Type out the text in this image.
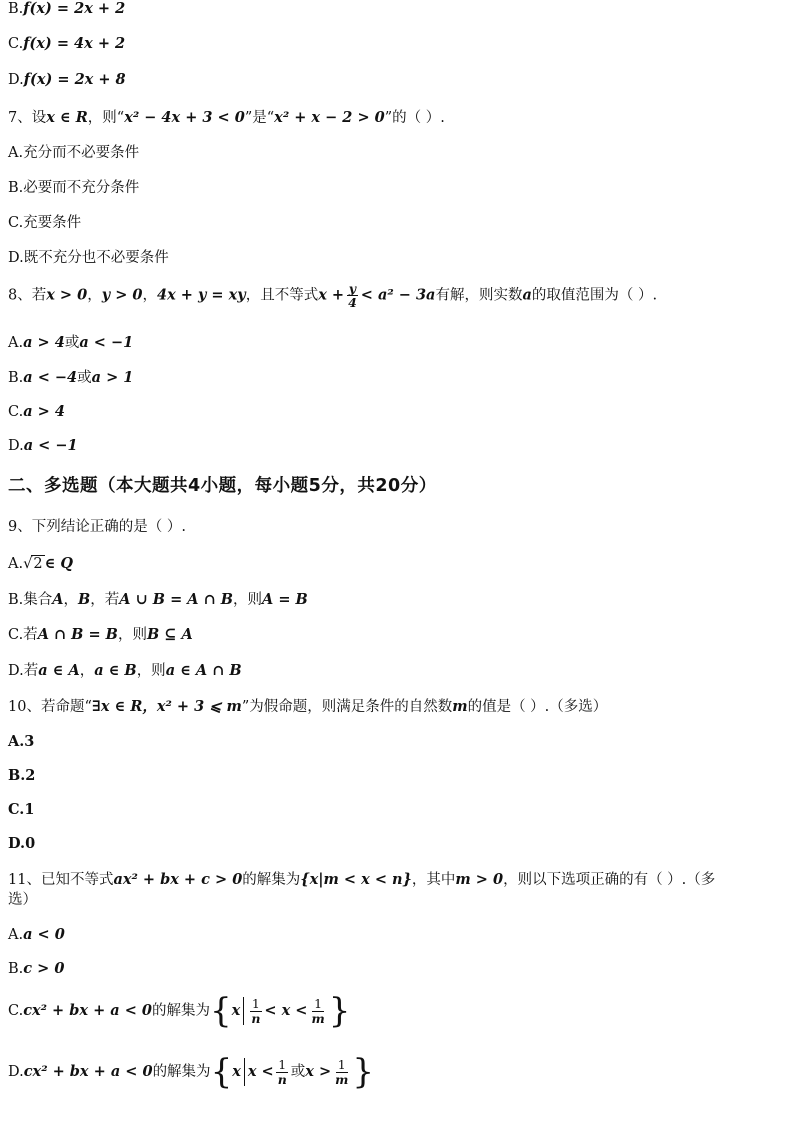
B.f(x) = 2x + 2
C.f(x) = 4x + 2
D.f(x) = 2x + 8
7、设x ∈ R，则“x² − 4x + 3 < 0”是“x² + x − 2 > 0”的（ ）.
A.充分而不必要条件
B.必要而不充分条件
C.充要条件
D.既不充分也不必要条件
8、若x > 0，y > 0，4x + y = xy，且不等式$x + \frac{y}{4} < a^2 - 3a$有解，则实数a的取值范围为（ ）.
A.a > 4或a < −1
B.a < −4或a > 1
C.a > 4
D.a < −1
二、多选题（本大题共4小题，每小题5分，共20分）
9、下列结论正确的是（ ）.
A.√2 ∈ Q
B.集合A，B，若A ∪ B = A ∩ B，则A = B
C.若A ∩ B = B，则B ⊆ A
D.若a ∈ A，a ∈ B，则a ∈ A ∩ B
10、若命题“∃x ∈ R，x² + 3 ⩽ m”为假命题，则满足条件的自然数m的值是（ ）.（多选）
A.3
B.2
C.1
D.0
11、已知不等式ax² + bx + c > 0的解集为{x|m < x < n}，其中m > 0，则以下选项正确的有（ ）.（多
选）
A.a < 0
B.c > 0
C.cx² + bx + a < 0的解集为{$x \frac{1}{n} < x < \frac{1}{m}$ }
D.cx² + bx + a < 0的解集为{x $x < \frac{1}{n}$ 或$x > \frac{1}{m}$ }
